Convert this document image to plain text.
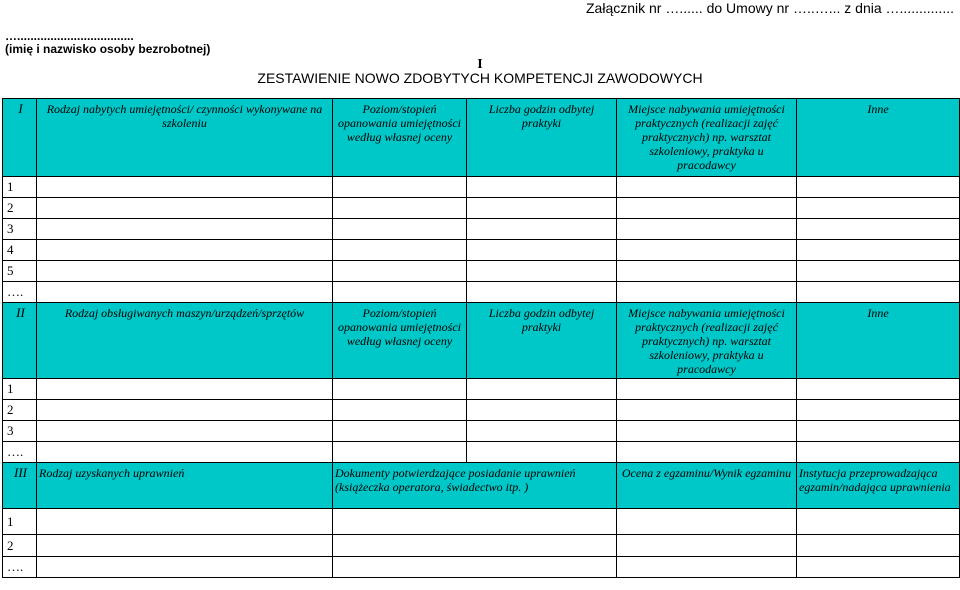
Załącznik nr …...... do Umowy nr …..…... z dnia …..............
…...................................
(imię i nazwisko osoby bezrobotnej)
I
ZESTAWIENIE NOWO ZDOBYTYCH KOMPETENCJI ZAWODOWYCH
I	Rodzaj nabytych umiejętności/ czynności wykonywane na szkoleniu	Poziom/stopień opanowania umiejętności według własnej oceny	Liczba godzin odbytej praktyki	Miejsce nabywania umiejętności praktycznych (realizacji zajęć praktycznych) np. warsztat szkoleniowy, praktyka u pracodawcy	Inne
1					
2					
3					
4					
5					
….					
II	Rodzaj obsługiwanych maszyn/urządzeń/sprzętów	Poziom/stopień opanowania umiejętności według własnej oceny	Liczba godzin odbytej praktyki	Miejsce nabywania umiejętności praktycznych (realizacji zajęć praktycznych) np. warsztat szkoleniowy, praktyka u pracodawcy	Inne
1					
2					
3					
….					
III	Rodzaj uzyskanych uprawnień	Dokumenty potwierdzające posiadanie uprawnień (książeczka operatora, świadectwo itp. )		Ocena z egzaminu/Wynik egzaminu	Instytucja przeprowadzająca egzamin/nadająca uprawnienia
1					
2					
….					
